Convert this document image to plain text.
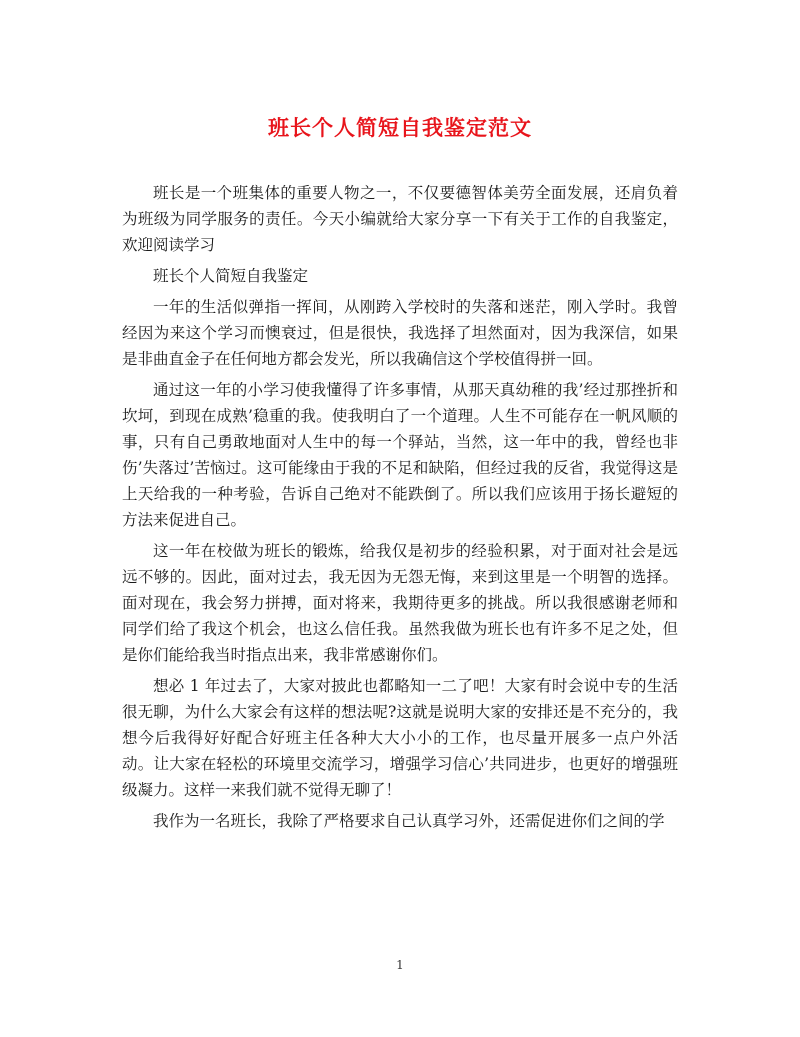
班长个人简短自我鉴定范文

班长是一个班集体的重要人物之一，不仅要德智体美劳全面发展，还肩负着为班级为同学服务的责任。今天小编就给大家分享一下有关于工作的自我鉴定，欢迎阅读学习

班长个人简短自我鉴定

一年的生活似弹指一挥间，从刚跨入学校时的失落和迷茫，刚入学时。我曾经因为来这个学习而懊衰过，但是很快，我选择了坦然面对，因为我深信，如果是非曲直金子在任何地方都会发光，所以我确信这个学校值得拼一回。

通过这一年的小学习使我懂得了许多事情，从那天真幼稚的我’经过那挫折和坎坷，到现在成熟’稳重的我。使我明白了一个道理。人生不可能存在一帆风顺的事，只有自己勇敢地面对人生中的每一个驿站，当然，这一年中的我，曾经也非伤’失落过’苦恼过。这可能缘由于我的不足和缺陷，但经过我的反省，我觉得这是上天给我的一种考验，告诉自己绝对不能跌倒了。所以我们应该用于扬长避短的方法来促进自己。

这一年在校做为班长的锻炼，给我仅是初步的经验积累，对于面对社会是远远不够的。因此，面对过去，我无因为无怨无悔，来到这里是一个明智的选择。面对现在，我会努力拼搏，面对将来，我期待更多的挑战。所以我很感谢老师和同学们给了我这个机会，也这么信任我。虽然我做为班长也有许多不足之处，但是你们能给我当时指点出来，我非常感谢你们。

想必 1 年过去了，大家对披此也都略知一二了吧！大家有时会说中专的生活很无聊，为什么大家会有这样的想法呢?这就是说明大家的安排还是不充分的，我想今后我得好好配合好班主任各种大大小小的工作，也尽量开展多一点户外活动。让大家在轻松的环境里交流学习，增强学习信心’共同进步，也更好的增强班级凝力。这样一来我们就不觉得无聊了！

我作为一名班长，我除了严格要求自己认真学习外，还需促进你们之间的学

1
